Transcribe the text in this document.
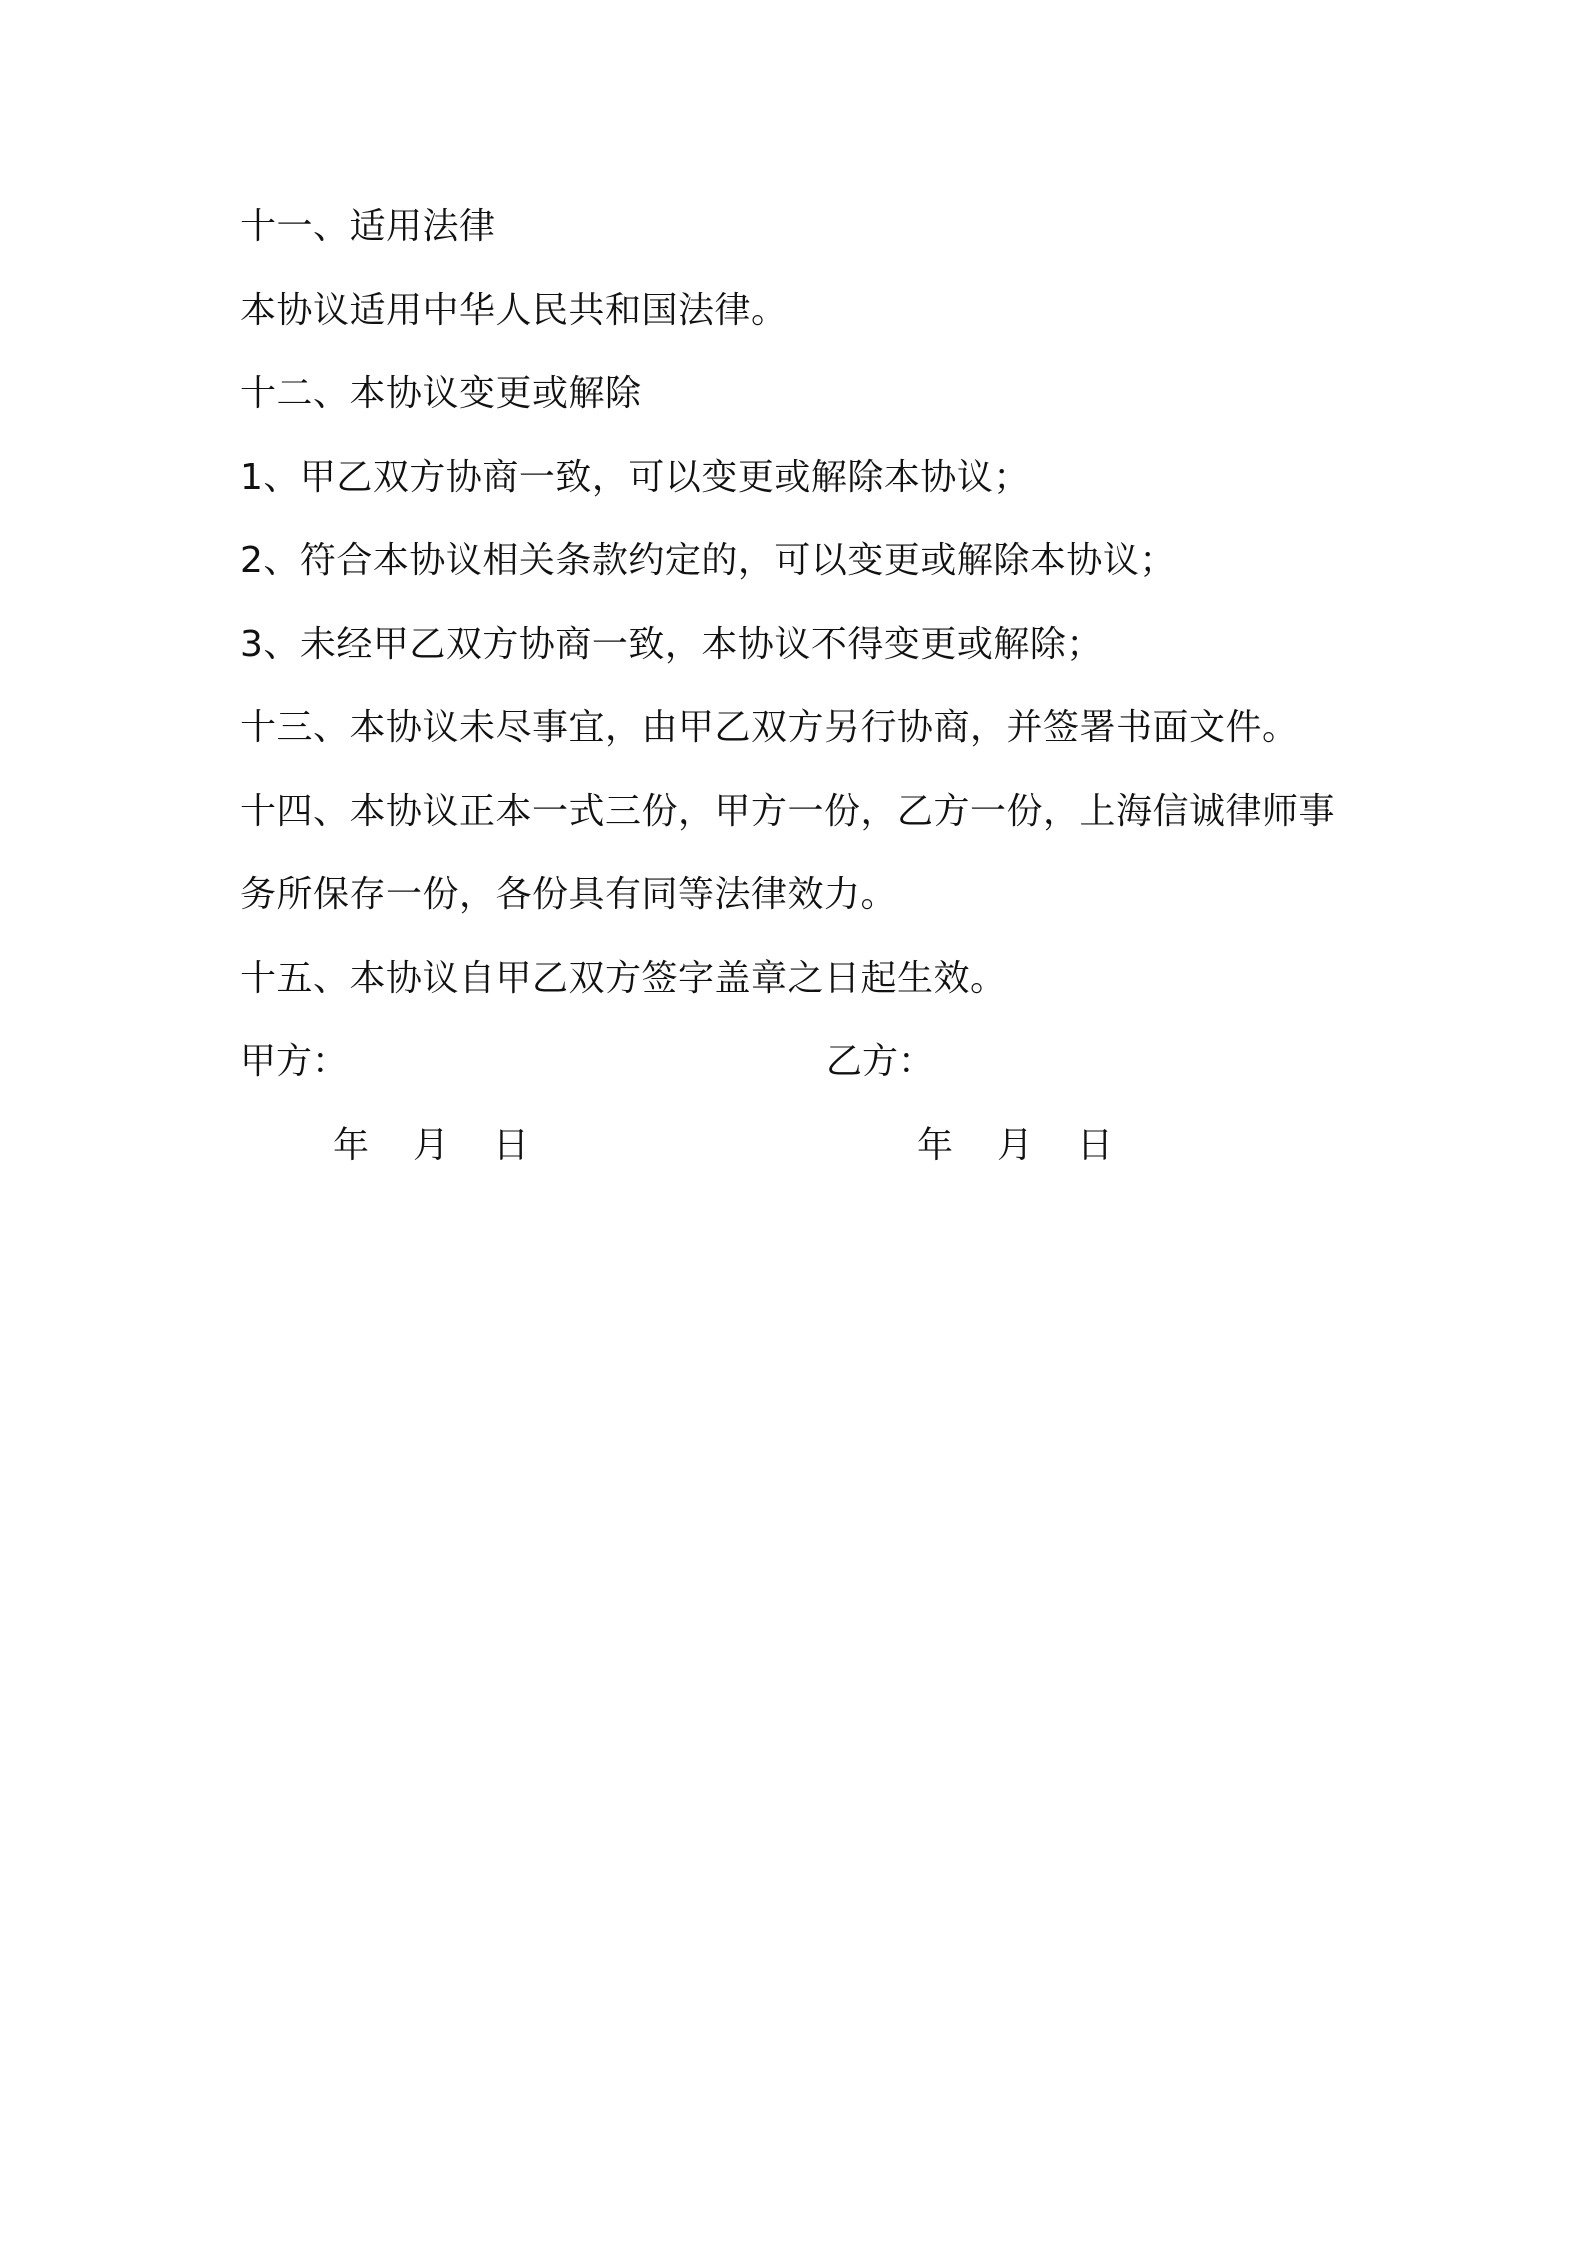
十一、适用法律
本协议适用中华人民共和国法律。
十二、本协议变更或解除
1、甲乙双方协商一致，可以变更或解除本协议；
2、符合本协议相关条款约定的，可以变更或解除本协议；
3、未经甲乙双方协商一致，本协议不得变更或解除；
十三、本协议未尽事宜，由甲乙双方另行协商，并签署书面文件。
十四、本协议正本一式三份，甲方一份，乙方一份，上海信诚律师事
务所保存一份，各份具有同等法律效力。
十五、本协议自甲乙双方签字盖章之日起生效。
甲方：	乙方：
年 月 日	年 月 日
